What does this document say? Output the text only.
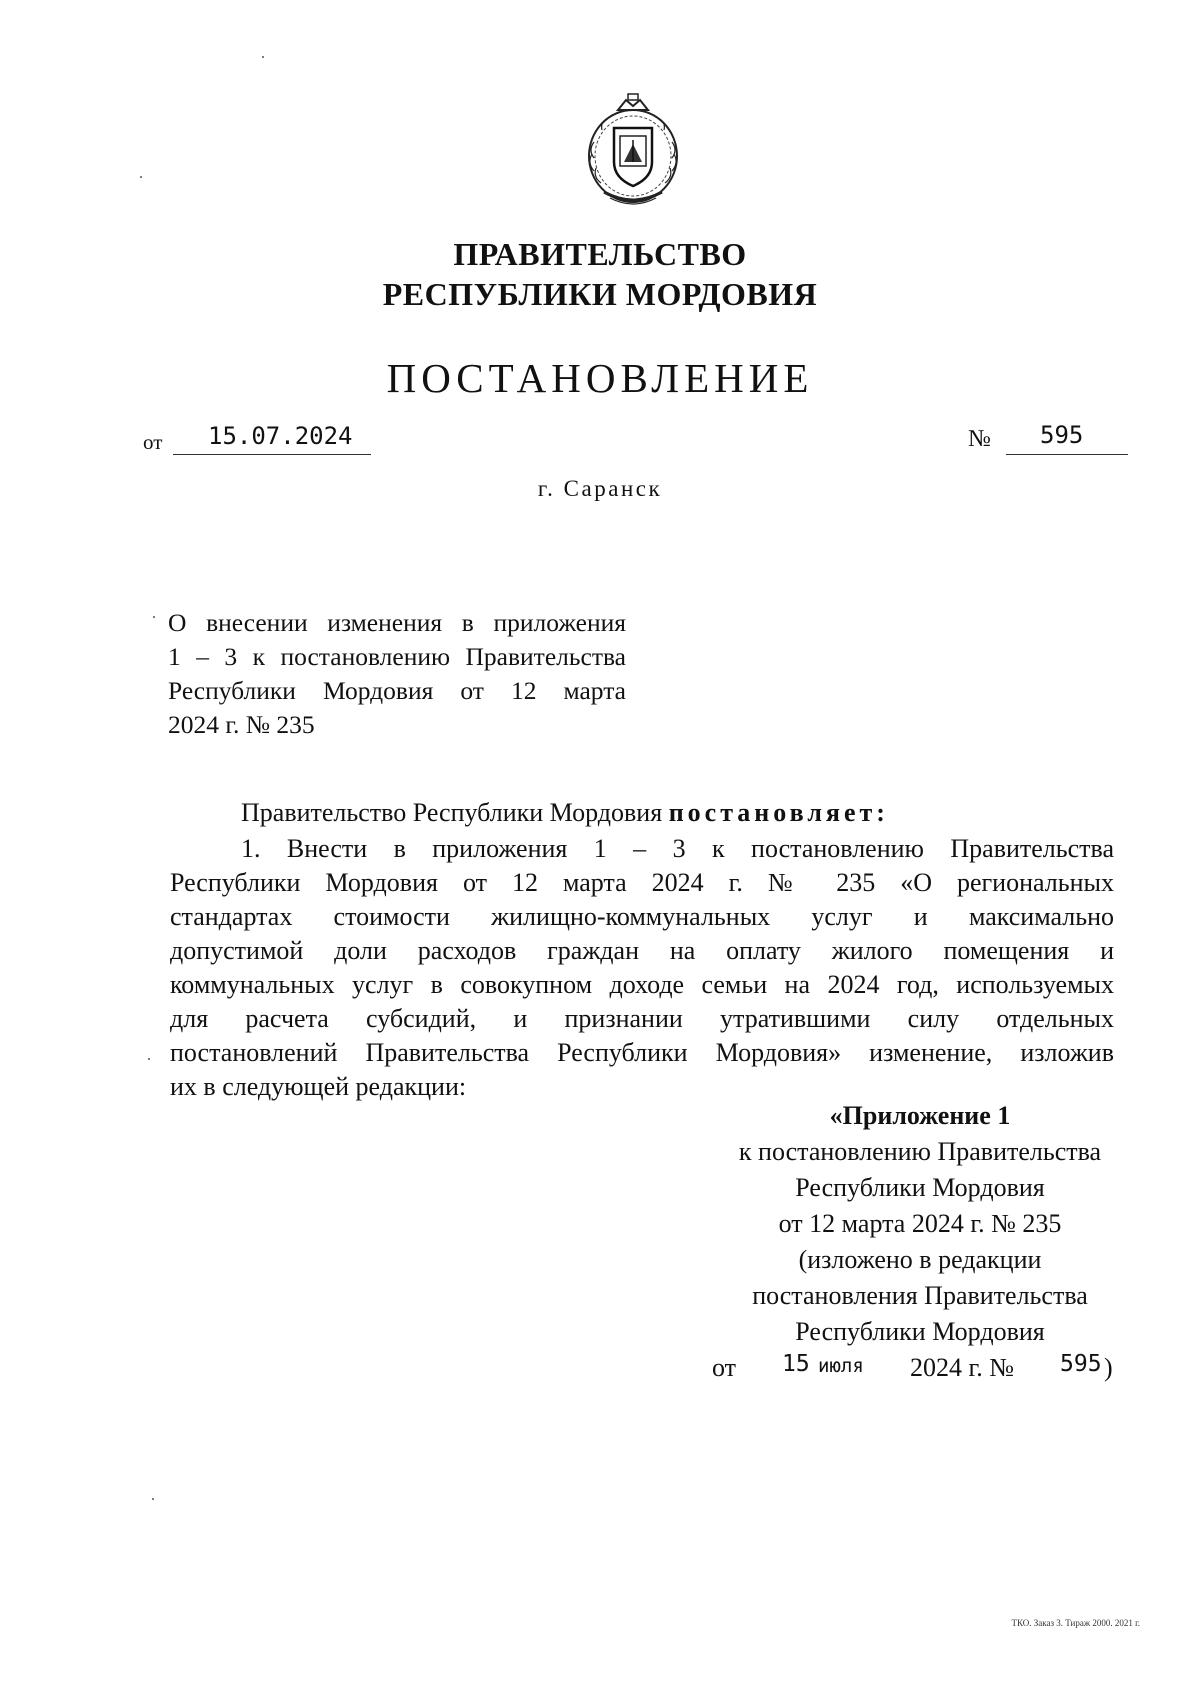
ПРАВИТЕЛЬСТВО
РЕСПУБЛИКИ МОРДОВИЯ
ПОСТАНОВЛЕНИЕ
от 15.07.2024	№ 595
г. Саранск
О внесении изменения в приложения
1 – 3 к постановлению Правительства
Республики Мордовия от 12 марта
2024 г. № 235
Правительство Республики Мордовия постановляет:
1. Внести в приложения 1 – 3 к постановлению Правительства
Республики Мордовия от 12 марта 2024 г. № 235 «О региональных
стандартах стоимости жилищно-коммунальных услуг и максимально
допустимой доли расходов граждан на оплату жилого помещения и
коммунальных услуг в совокупном доходе семьи на 2024 год, используемых
для расчета субсидий, и признании утратившими силу отдельных
постановлений Правительства Республики Мордовия» изменение, изложив
их в следующей редакции:
«Приложение 1
к постановлению Правительства
Республики Мордовия
от 12 марта 2024 г. № 235
(изложено в редакции
постановления Правительства
Республики Мордовия
от 15 июля 2024 г. № 595 )
ТКО. Заказ 3. Тираж 2000. 2021 г.
